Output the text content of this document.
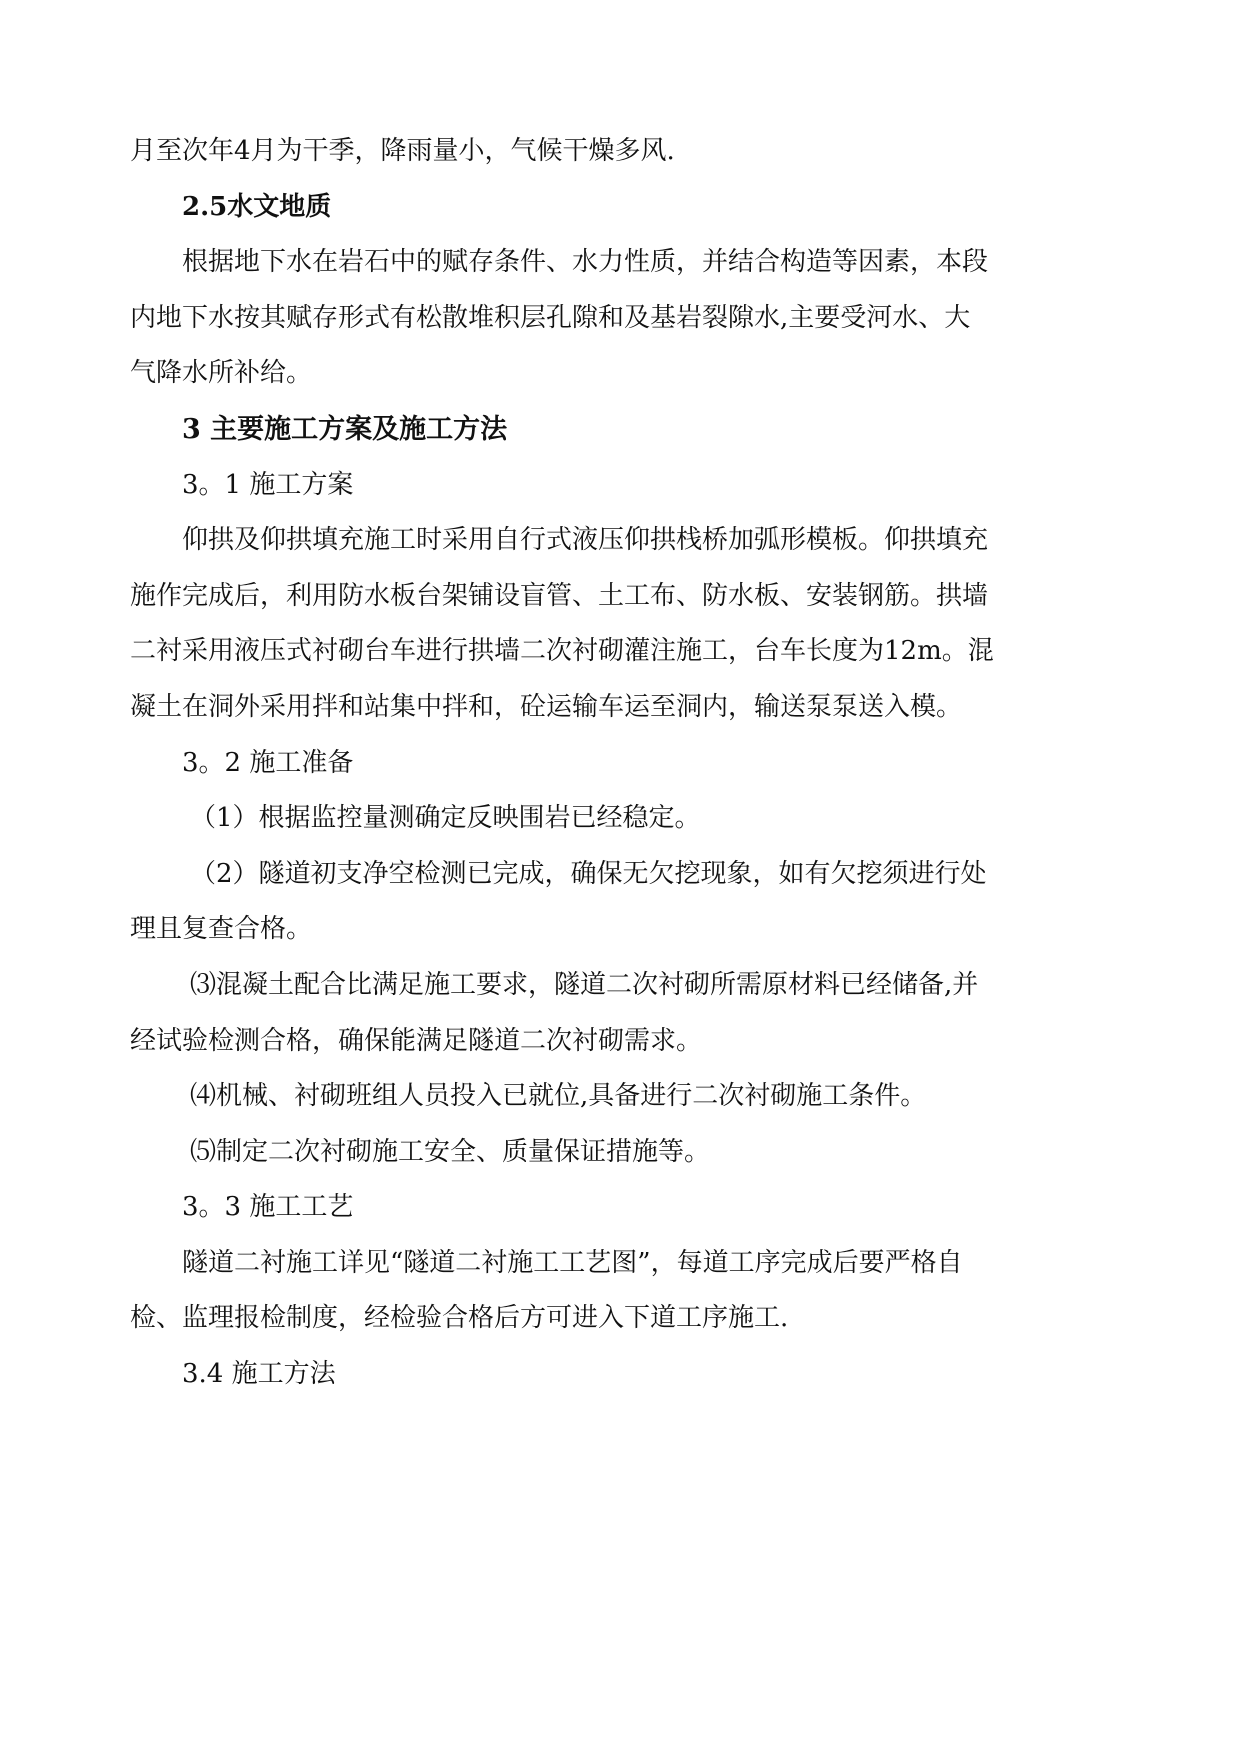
月至次年4月为干季，降雨量小，气候干燥多风.
2.5水文地质
根据地下水在岩石中的赋存条件、水力性质，并结合构造等因素，本段
内地下水按其赋存形式有松散堆积层孔隙和及基岩裂隙水,主要受河水、大
气降水所补给。
3 主要施工方案及施工方法
3。1 施工方案
仰拱及仰拱填充施工时采用自行式液压仰拱栈桥加弧形模板。仰拱填充
施作完成后，利用防水板台架铺设盲管、土工布、防水板、安装钢筋。拱墙
二衬采用液压式衬砌台车进行拱墙二次衬砌灌注施工，台车长度为12m。混
凝土在洞外采用拌和站集中拌和，砼运输车运至洞内，输送泵泵送入模。
3。2 施工准备
（1）根据监控量测确定反映围岩已经稳定。
（2）隧道初支净空检测已完成，确保无欠挖现象，如有欠挖须进行处
理且复查合格。
⑶混凝土配合比满足施工要求，隧道二次衬砌所需原材料已经储备,并
经试验检测合格，确保能满足隧道二次衬砌需求。
⑷机械、衬砌班组人员投入已就位,具备进行二次衬砌施工条件。
⑸制定二次衬砌施工安全、质量保证措施等。
3。3 施工工艺
隧道二衬施工详见“隧道二衬施工工艺图”，每道工序完成后要严格自
检、监理报检制度，经检验合格后方可进入下道工序施工.
3.4 施工方法
